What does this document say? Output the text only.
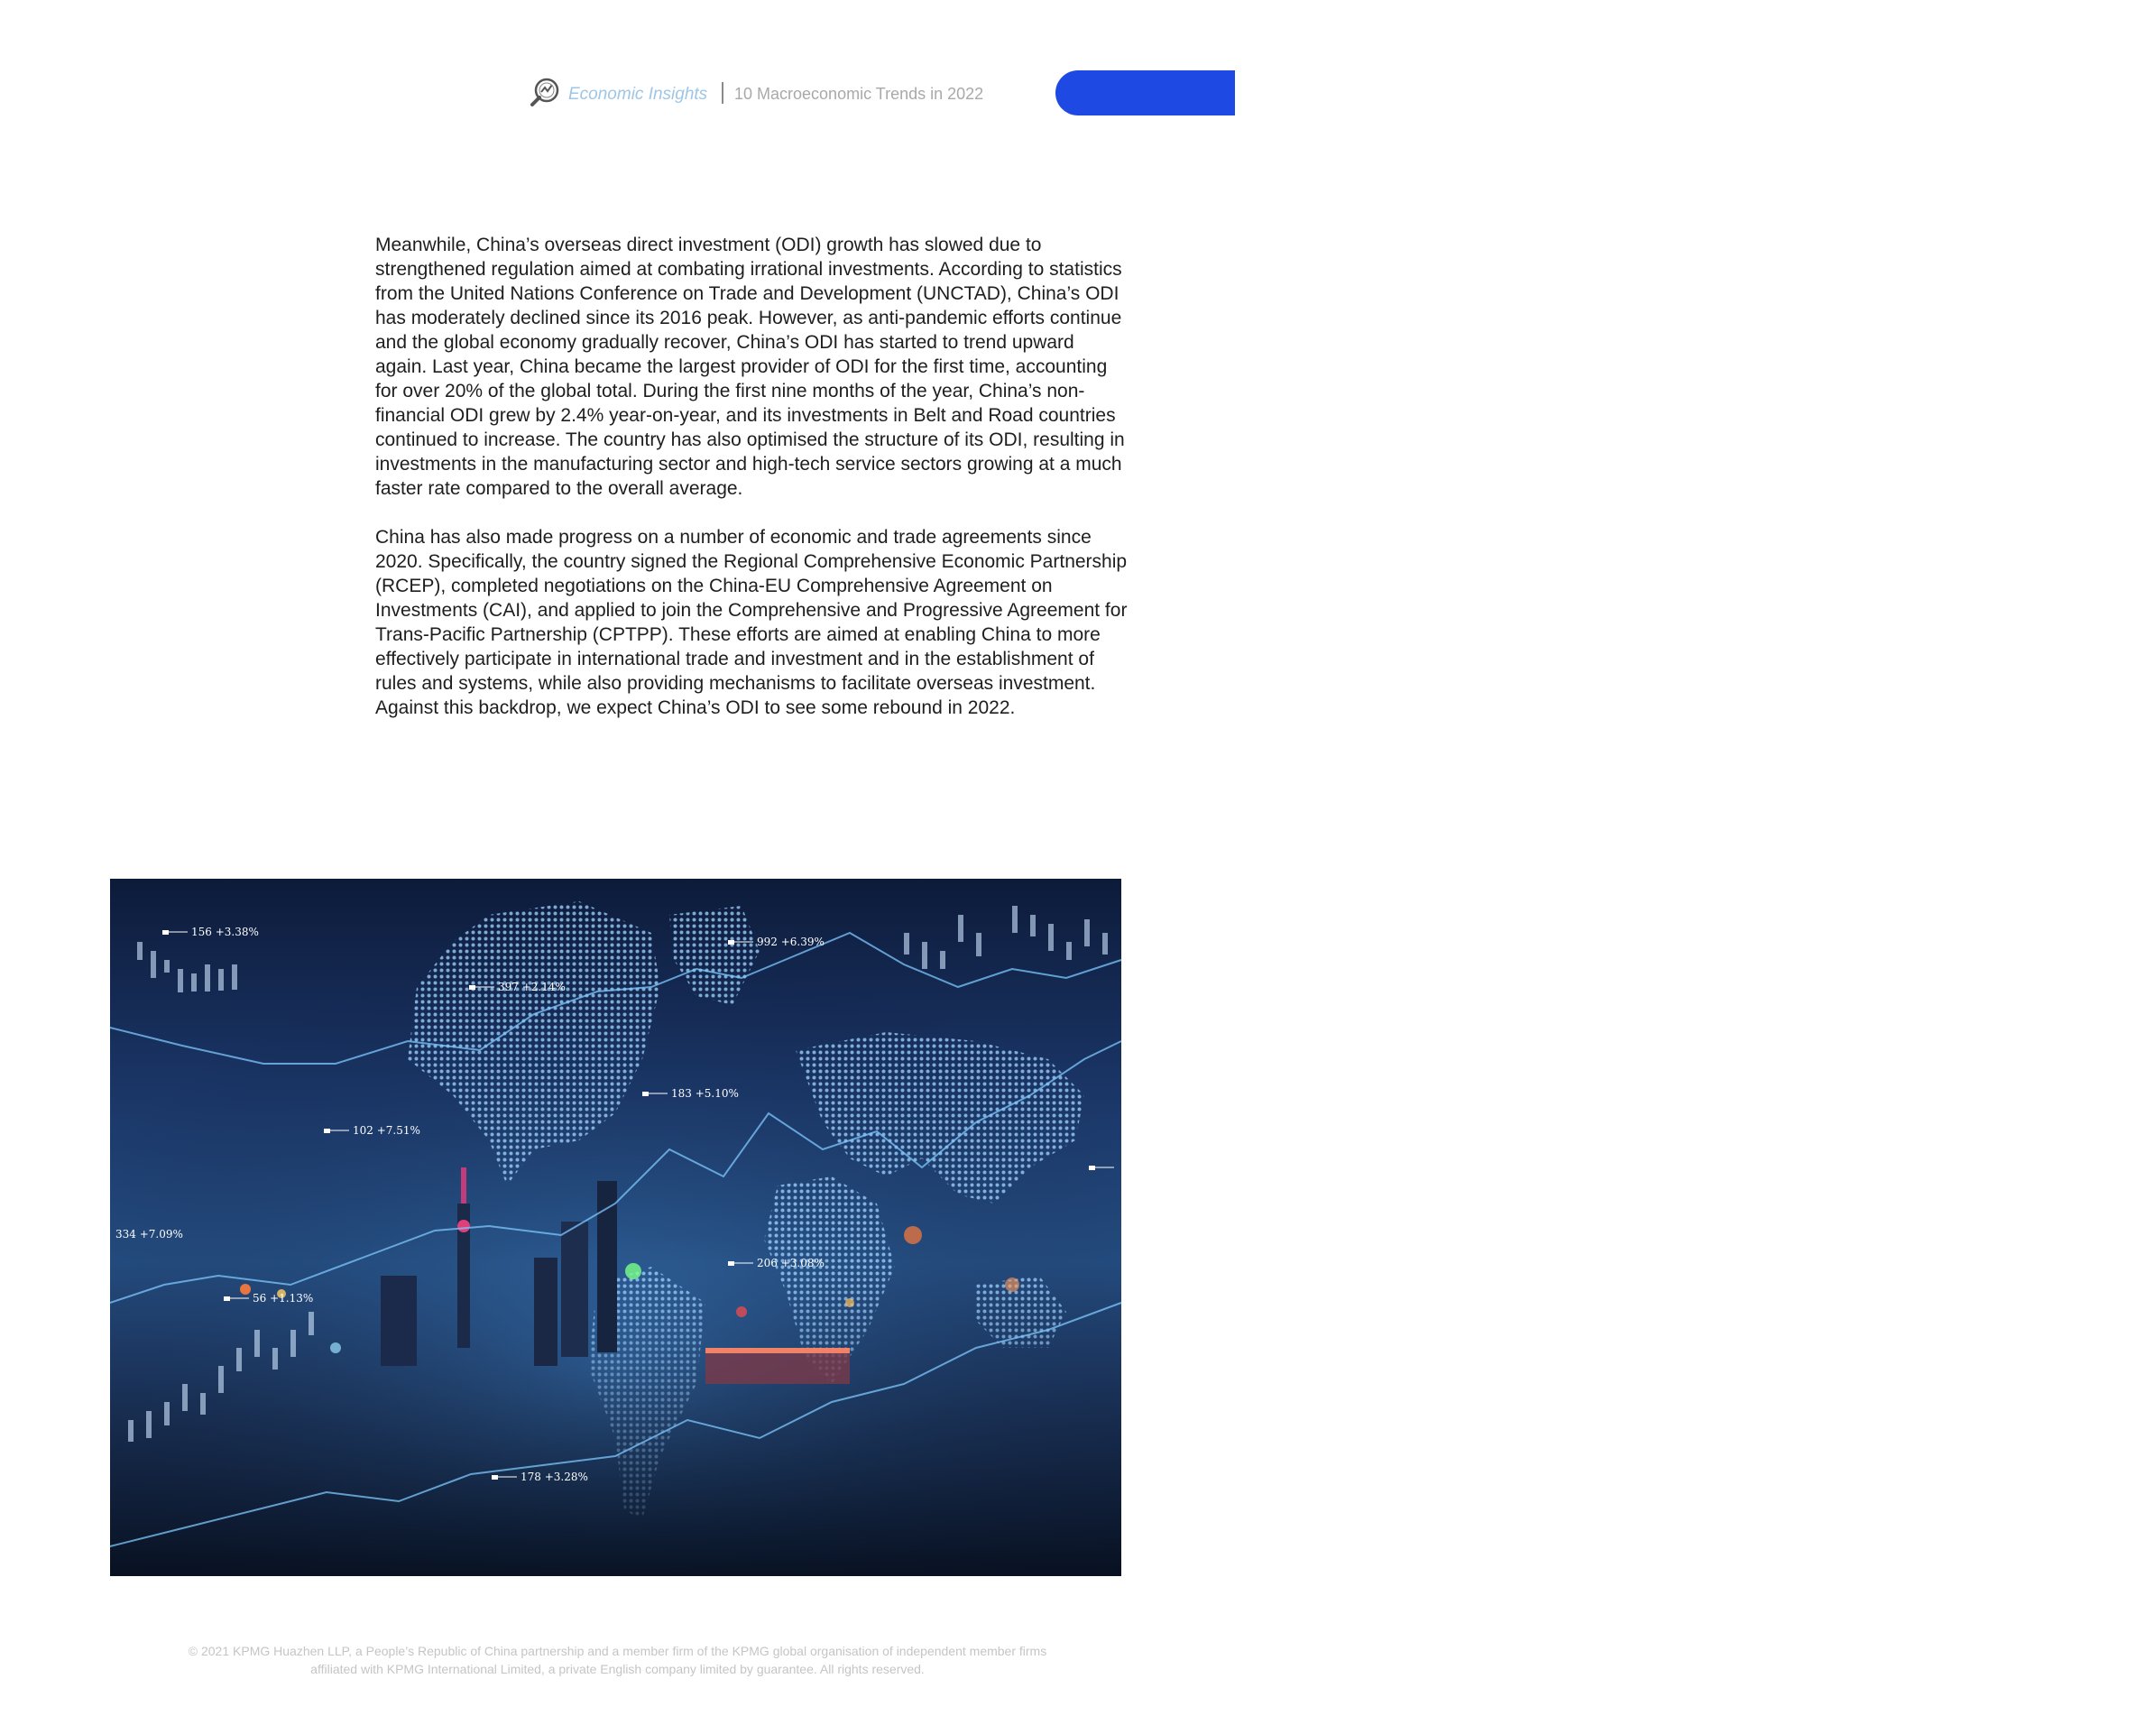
Economic Insights 10 Macroeconomic Trends in 2022	18

Meanwhile, China’s overseas direct investment (ODI) growth has slowed due to strengthened regulation aimed at combating irrational investments. According to statistics from the United Nations Conference on Trade and Development (UNCTAD), China’s ODI has moderately declined since its 2016 peak. However, as anti-pandemic efforts continue and the global economy gradually recover, China’s ODI has started to trend upward again. Last year, China became the largest provider of ODI for the first time, accounting for over 20% of the global total. During the first nine months of the year, China’s non-financial ODI grew by 2.4% year-on-year, and its investments in Belt and Road countries continued to increase. The country has also optimised the structure of its ODI, resulting in investments in the manufacturing sector and high-tech service sectors growing at a much faster rate compared to the overall average.

China has also made progress on a number of economic and trade agreements since 2020. Specifically, the country signed the Regional Comprehensive Economic Partnership (RCEP), completed negotiations on the China-EU Comprehensive Agreement on Investments (CAI), and applied to join the Comprehensive and Progressive Agreement for Trans-Pacific Partnership (CPTPP). These efforts are aimed at enabling China to more effectively participate in international trade and investment and in the establishment of rules and systems, while also providing mechanisms to facilitate overseas investment. Against this backdrop, we expect China’s ODI to see some rebound in 2022.

156 +3.38%
397 +2.14%
992 +6.39%
183 +5.10%
102 +7.51%
334 +7.09%
56 +1.13%
206 +3.08%
178 +3.28%
© 2021 KPMG Huazhen LLP, a People’s Republic of China partnership and a member firm of the KPMG global organisation of independent member firms
affiliated with KPMG International Limited, a private English company limited by guarantee. All rights reserved.
